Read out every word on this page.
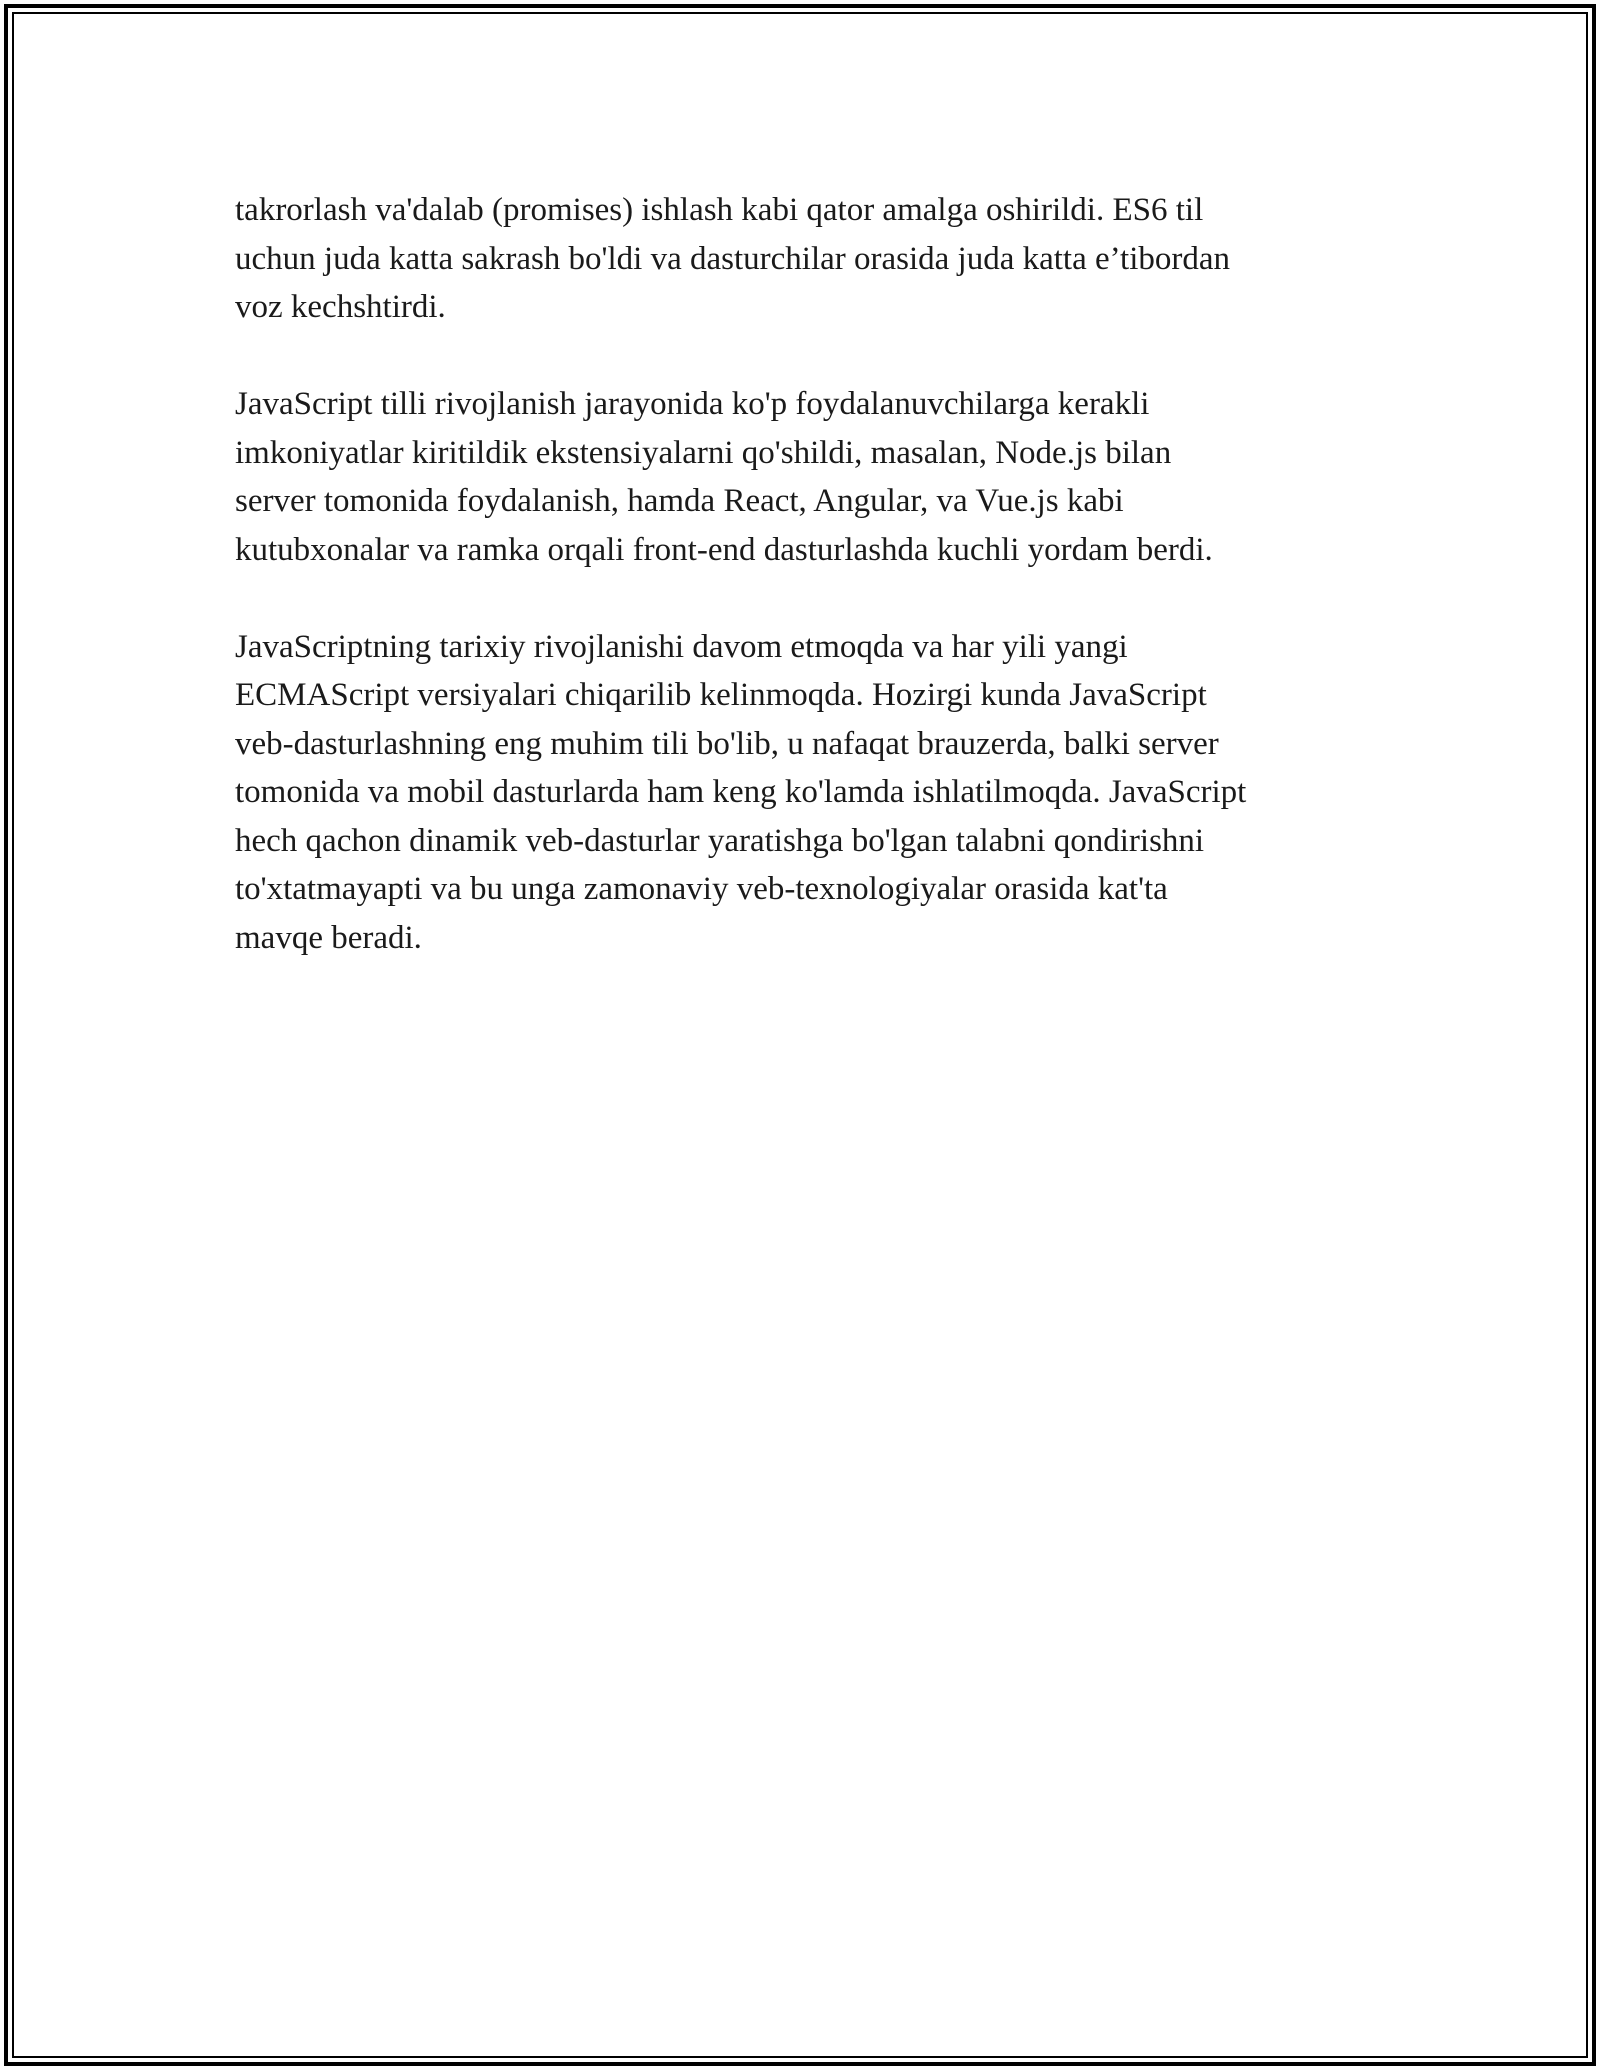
takrorlash va'dalab (promises) ishlash kabi qator amalga oshirildi. ES6 til
uchun juda katta sakrash bo'ldi va dasturchilar orasida juda katta e’tibordan
voz kechshtirdi.

JavaScript tilli rivojlanish jarayonida ko'p foydalanuvchilarga kerakli
imkoniyatlar kiritildik ekstensiyalarni qo'shildi, masalan, Node.js bilan
server tomonida foydalanish, hamda React, Angular, va Vue.js kabi
kutubxonalar va ramka orqali front-end dasturlashda kuchli yordam berdi.

JavaScriptning tarixiy rivojlanishi davom etmoqda va har yili yangi
ECMAScript versiyalari chiqarilib kelinmoqda. Hozirgi kunda JavaScript
veb-dasturlashning eng muhim tili bo'lib, u nafaqat brauzerda, balki server
tomonida va mobil dasturlarda ham keng ko'lamda ishlatilmoqda. JavaScript
hech qachon dinamik veb-dasturlar yaratishga bo'lgan talabni qondirishni
to'xtatmayapti va bu unga zamonaviy veb-texnologiyalar orasida kat'ta
mavqe beradi.
